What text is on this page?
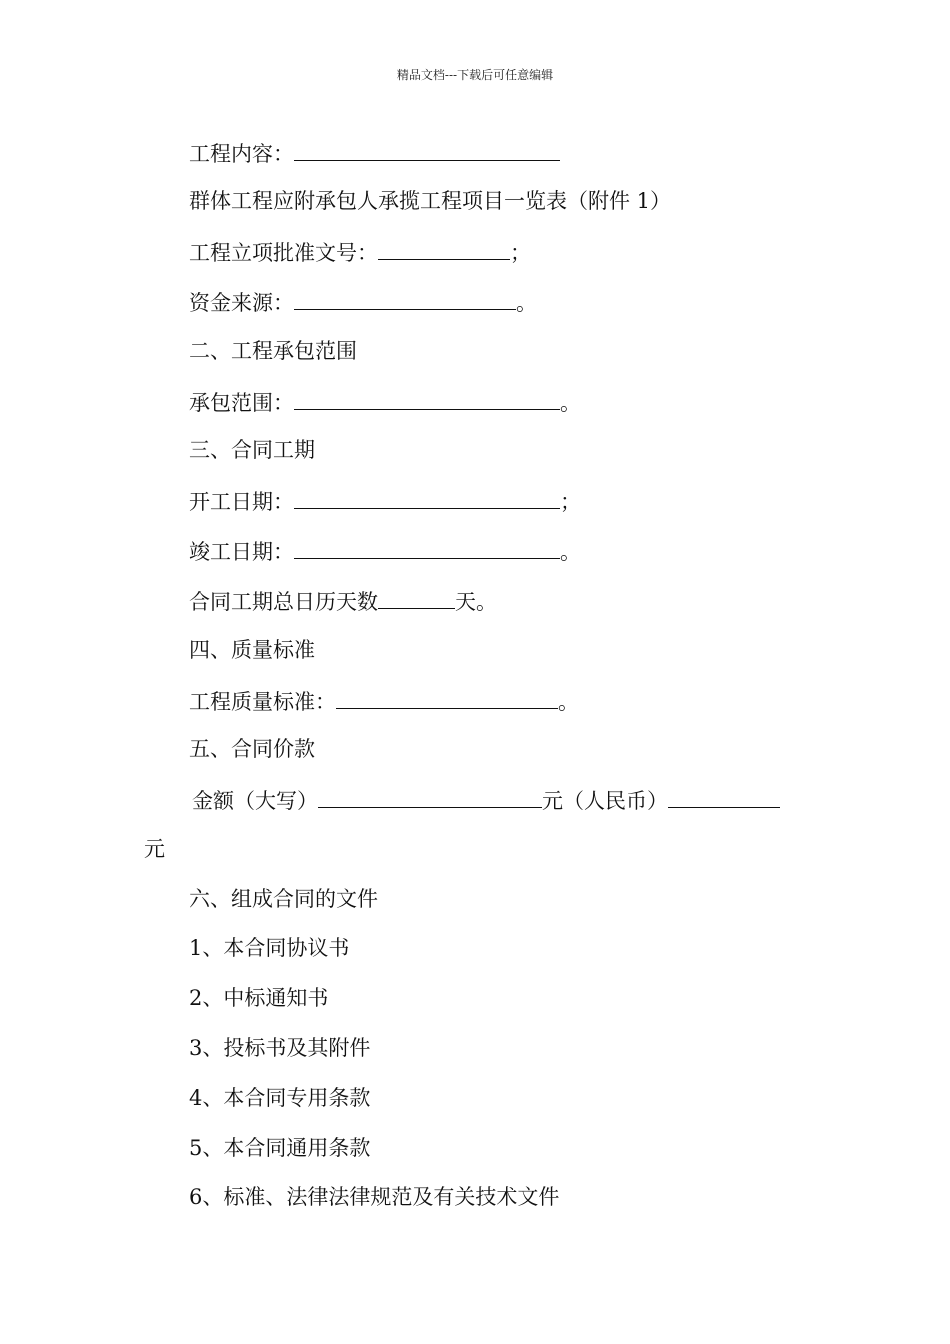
精品文档---下载后可任意编辑
工程内容：
群体工程应附承包人承揽工程项目一览表（附件 1）
工程立项批准文号：	；
资金来源：	。
二、工程承包范围
承包范围：	。
三、合同工期
开工日期：	；
竣工日期：	。
合同工期总日历天数	天。
四、质量标准
工程质量标准：	。
五、合同价款
金额（大写）	元（人民币）
元
六、组成合同的文件
1、本合同协议书
2、中标通知书
3、投标书及其附件
4、本合同专用条款
5、本合同通用条款
6、标准、法律法律规范及有关技术文件
